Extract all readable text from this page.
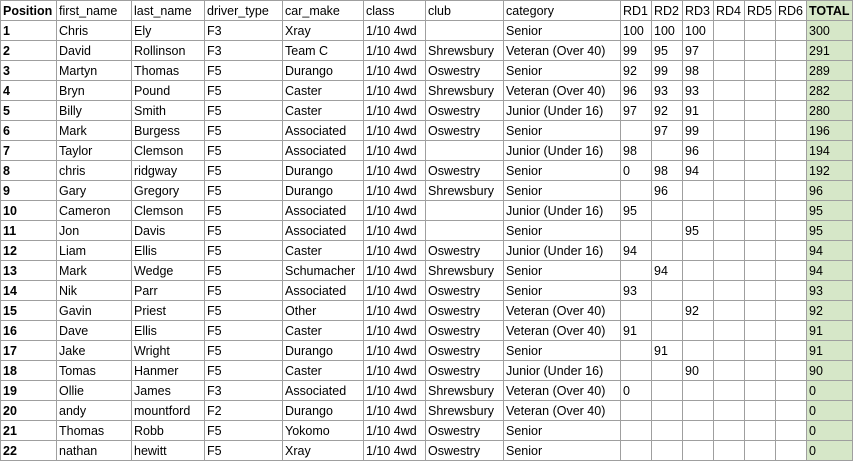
Position	first_name	last_name	driver_type	car_make	class	club	category	RD1	RD2	RD3	RD4	RD5	RD6	TOTAL
1	Chris	Ely	F3	Xray	1/10 4wd		Senior	100	100	100				300
2	David	Rollinson	F3	Team C	1/10 4wd	Shrewsbury	Veteran (Over 40)	99	95	97				291
3	Martyn	Thomas	F5	Durango	1/10 4wd	Oswestry	Senior	92	99	98				289
4	Bryn	Pound	F5	Caster	1/10 4wd	Shrewsbury	Veteran (Over 40)	96	93	93				282
5	Billy	Smith	F5	Caster	1/10 4wd	Oswestry	Junior (Under 16)	97	92	91				280
6	Mark	Burgess	F5	Associated	1/10 4wd	Oswestry	Senior		97	99				196
7	Taylor	Clemson	F5	Associated	1/10 4wd		Junior (Under 16)	98		96				194
8	chris	ridgway	F5	Durango	1/10 4wd	Oswestry	Senior	0	98	94				192
9	Gary	Gregory	F5	Durango	1/10 4wd	Shrewsbury	Senior		96					96
10	Cameron	Clemson	F5	Associated	1/10 4wd		Junior (Under 16)	95						95
11	Jon	Davis	F5	Associated	1/10 4wd		Senior			95				95
12	Liam	Ellis	F5	Caster	1/10 4wd	Oswestry	Junior (Under 16)	94						94
13	Mark	Wedge	F5	Schumacher	1/10 4wd	Shrewsbury	Senior		94					94
14	Nik	Parr	F5	Associated	1/10 4wd	Oswestry	Senior	93						93
15	Gavin	Priest	F5	Other	1/10 4wd	Oswestry	Veteran (Over 40)			92				92
16	Dave	Ellis	F5	Caster	1/10 4wd	Oswestry	Veteran (Over 40)	91						91
17	Jake	Wright	F5	Durango	1/10 4wd	Oswestry	Senior		91					91
18	Tomas	Hanmer	F5	Caster	1/10 4wd	Oswestry	Junior (Under 16)			90				90
19	Ollie	James	F3	Associated	1/10 4wd	Shrewsbury	Veteran (Over 40)	0						0
20	andy	mountford	F2	Durango	1/10 4wd	Shrewsbury	Veteran (Over 40)							0
21	Thomas	Robb	F5	Yokomo	1/10 4wd	Oswestry	Senior							0
22	nathan	hewitt	F5	Xray	1/10 4wd	Oswestry	Senior							0
